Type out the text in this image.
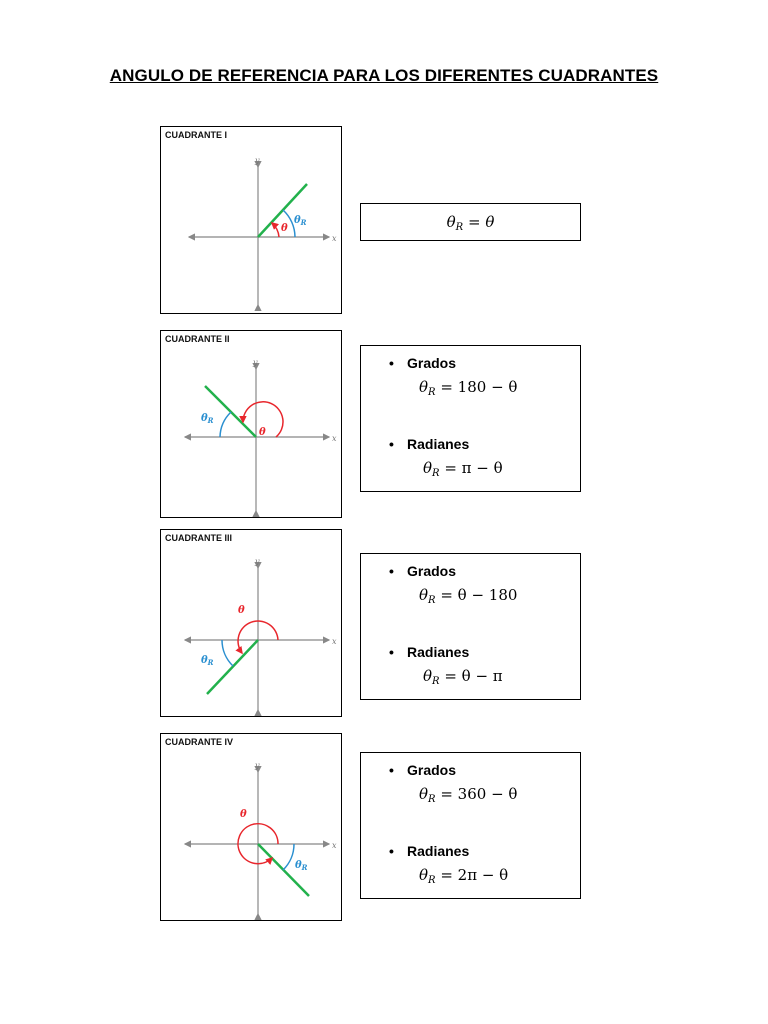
ANGULO DE REFERENCIA PARA LOS DIFERENTES CUADRANTES
CUADRANTE I
x
y
θ
$\theta_R$	$\theta_R = \theta$
CUADRANTE II
x
y
θ
$\theta_R$
• Grados
$\theta_R = 180 - \theta$
• Radianes
$\theta_R = \pi - \theta$
CUADRANTE III
x
y
θ
$\theta_R$
• Grados
$\theta_R = \theta - 180$
• Radianes
$\theta_R = \theta - \pi$
CUADRANTE IV
x
y
θ
$\theta_R$
• Grados
$\theta_R = 360 - \theta$
• Radianes
$\theta_R = 2\pi - \theta$
